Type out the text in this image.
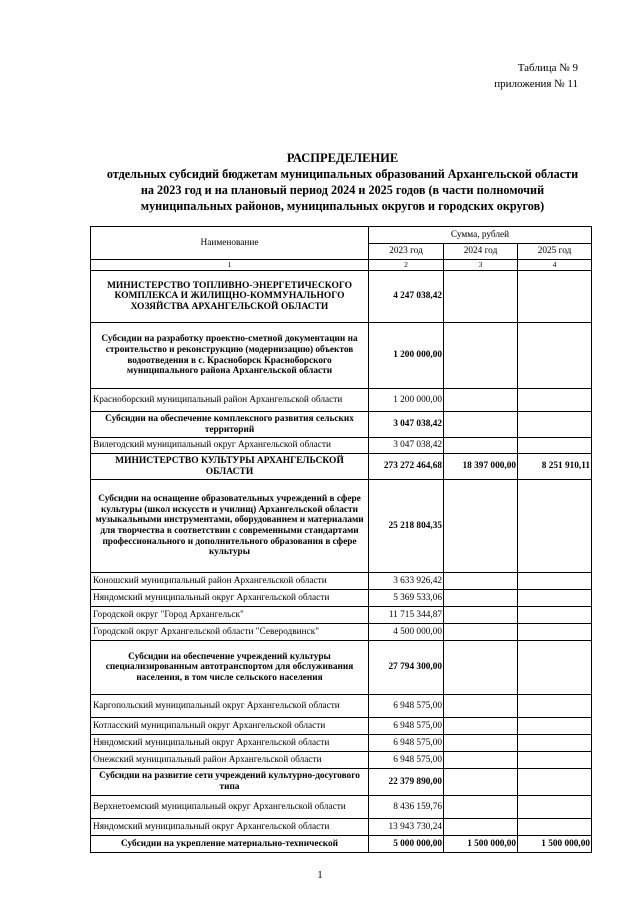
Таблица № 9
приложения № 11
РАСПРЕДЕЛЕНИЕ
отдельных субсидий бюджетам муниципальных образований Архангельской области
на 2023 год и на плановый период 2024 и 2025 годов (в части полномочий
муниципальных районов, муниципальных округов и городских округов)
Наименование	Сумма, рублей		
	2023 год	2024 год	2025 год
1	2	3	4
МИНИСТЕРСТВО ТОПЛИВНО-ЭНЕРГЕТИЧЕСКОГО КОМПЛЕКСА И ЖИЛИЩНО-КОММУНАЛЬНОГО ХОЗЯЙСТВА АРХАНГЕЛЬСКОЙ ОБЛАСТИ	4 247 038,42		
Субсидии на разработку проектно-сметной документации на строительство и реконструкцию (модернизацию) объектов водоотведения в с. Красноборск Красноборского муниципального района Архангельской области	1 200 000,00		
Красноборский муниципальный район Архангельской области	1 200 000,00		
Субсидии на обеспечение комплексного развития сельских территорий	3 047 038,42		
Вилегодский муниципальный округ Архангельской области	3 047 038,42		
МИНИСТЕРСТВО КУЛЬТУРЫ АРХАНГЕЛЬСКОЙ ОБЛАСТИ	273 272 464,68	18 397 000,00	8 251 910,11
Субсидии на оснащение образовательных учреждений в сфере культуры (школ искусств и училищ) Архангельской области музыкальными инструментами, оборудованием и материалами для творчества в соответствии с современными стандартами профессионального и дополнительного образования в сфере культуры	25 218 804,35		
Коношский муниципальный район Архангельской области	3 633 926,42		
Няндомский муниципальный округ Архангельской области	5 369 533,06		
Городской округ "Город Архангельск"	11 715 344,87		
Городской округ Архангельской области "Северодвинск"	4 500 000,00		
Субсидии на обеспечение учреждений культуры специализированным автотранспортом для обслуживания населения, в том числе сельского населения	27 794 300,00		
Каргопольский муниципальный округ Архангельской области	6 948 575,00		
Котласский муниципальный округ Архангельской области	6 948 575,00		
Няндомский муниципальный округ Архангельской области	6 948 575,00		
Онежский муниципальный район Архангельской области	6 948 575,00		
Субсидии на развитие сети учреждений культурно-досугового типа	22 379 890,00		
Верхнетоемский муниципальный округ Архангельской области	8 436 159,76		
Няндомский муниципальный округ Архангельской области	13 943 730,24		
Субсидии на укрепление материально-технической	5 000 000,00	1 500 000,00	1 500 000,00
1
